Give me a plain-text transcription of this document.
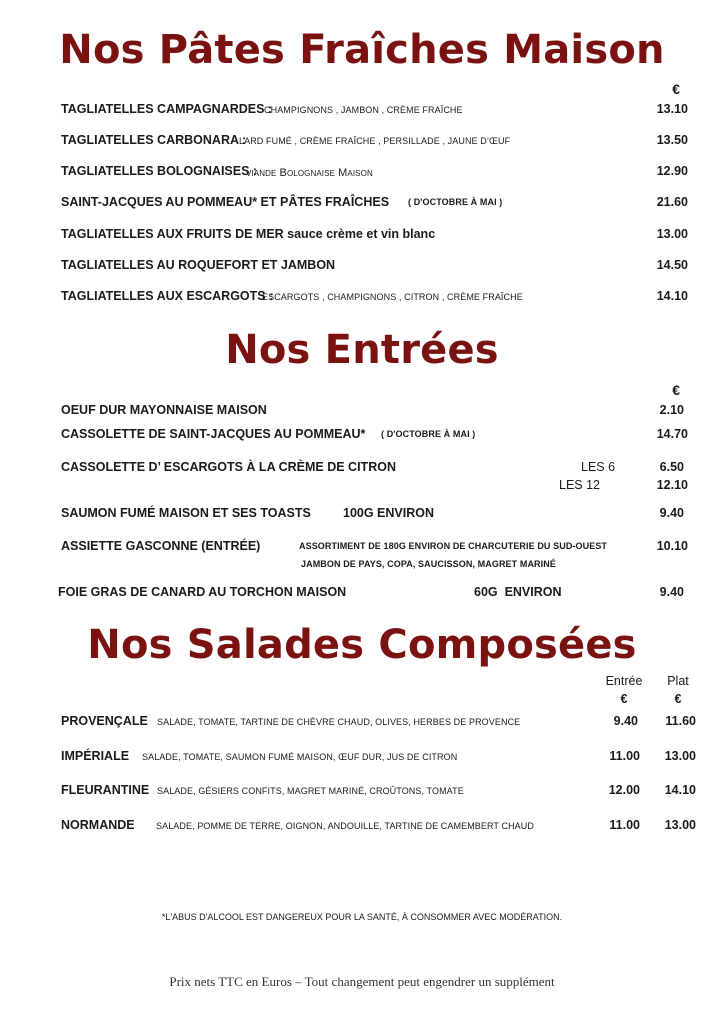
Nos Pâtes Fraîches Maison
€
TAGLIATELLES CAMPAGNARDES :
CHAMPIGNONS , JAMBON , CRÈME FRAÎCHE	13.10
TAGLIATELLES CARBONARA :
LARD FUMÉ , CRÈME FRAÎCHE , PERSILLADE , JAUNE D’ŒUF	13.50
TAGLIATELLES BOLOGNAISES :
viande Bolognaise Maison	12.90
SAINT-JACQUES AU POMMEAU* ET PÂTES FRAÎCHES ( D'OCTOBRE À MAI )	21.60
TAGLIATELLES AUX FRUITS DE MER sauce crème et vin blanc	13.00
TAGLIATELLES AU ROQUEFORT ET JAMBON	14.50
TAGLIATELLES AUX ESCARGOTS :
ESCARGOTS , CHAMPIGNONS , CITRON , CRÈME FRAÎCHE	14.10
Nos Entrées
€
OEUF DUR MAYONNAISE MAISON	2.10
CASSOLETTE DE SAINT-JACQUES AU POMMEAU* ( D'OCTOBRE À MAI )	14.70
CASSOLETTE D’ ESCARGOTS À LA CRÈME DE CITRON	LES 6	6.50
LES 12	12.10
SAUMON FUMÉ MAISON ET SES TOASTS	100G ENVIRON	9.40
ASSIETTE GASCONNE (ENTRÉE)	ASSORTIMENT DE 180G ENVIRON DE CHARCUTERIE DU SUD-OUEST
JAMBON DE PAYS, COPA, SAUCISSON, MAGRET MARINÉ
10.10
FOIE GRAS DE CANARD AU TORCHON MAISON	60G  ENVIRON	9.40
Nos Salades Composées
Entrée	Plat
€	€
PROVENÇALE SALADE, TOMATE, TARTINE DE CHÈVRE CHAUD, OLIVES, HERBES DE PROVENCE	9.40	11.60
IMPÉRIALE SALADE, TOMATE, SAUMON FUMÉ MAISON, ŒUF DUR, JUS DE CITRON	11.00	13.00
FLEURANTINE SALADE, GÉSIERS CONFITS, MAGRET MARINÉ, CROÛTONS, TOMATE	12.00	14.10
NORMANDE SALADE, POMME DE TERRE, OIGNON, ANDOUILLE, TARTINE DE CAMEMBERT CHAUD	11.00	13.00
*L'ABUS D'ALCOOL EST DANGEREUX POUR LA SANTÉ, À CONSOMMER AVEC MODÉRATION.
Prix nets TTC en Euros – Tout changement peut engendrer un supplément
